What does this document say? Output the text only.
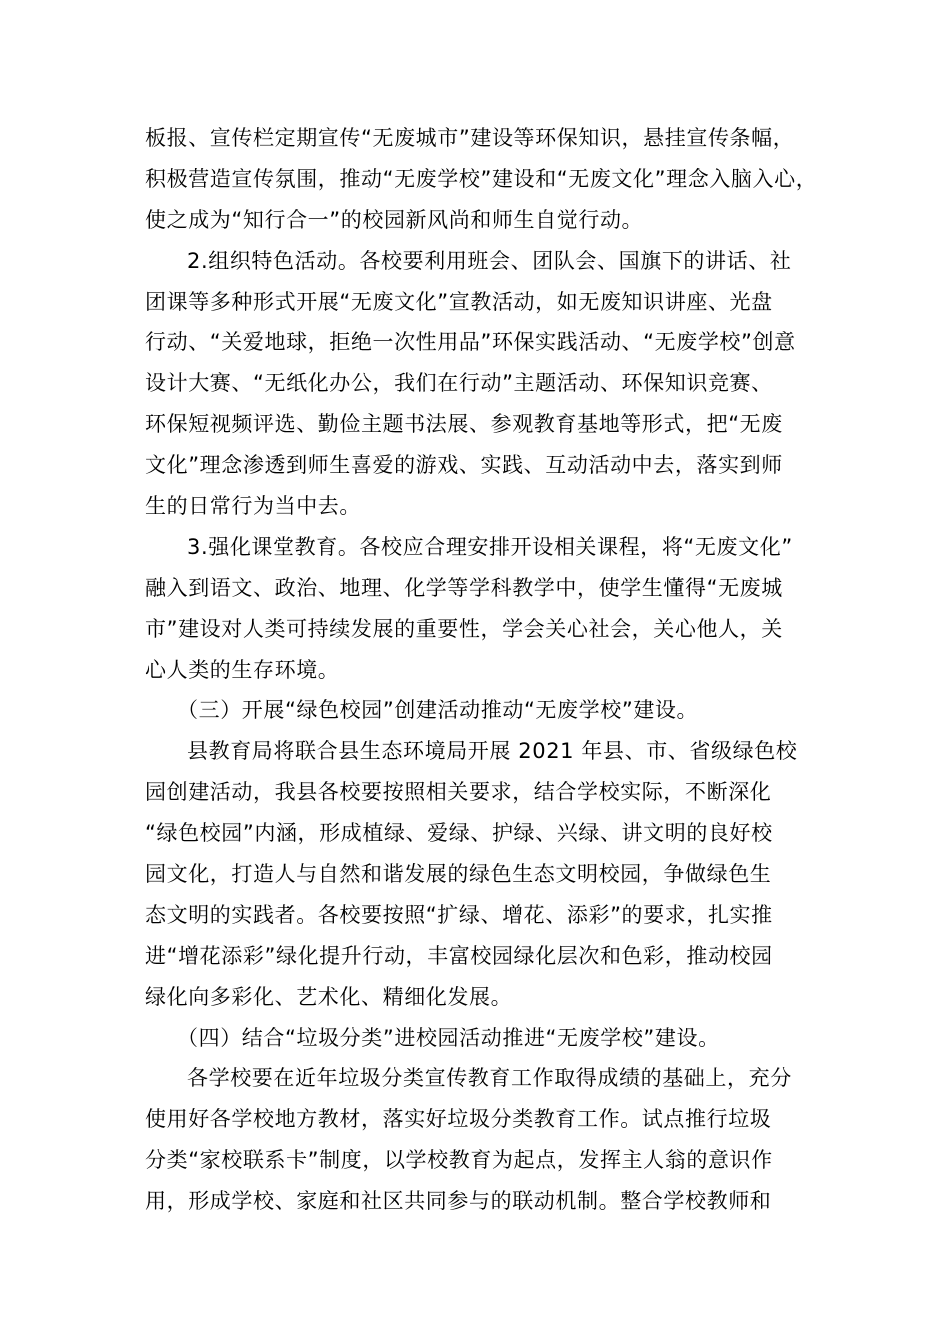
板报、宣传栏定期宣传“无废城市”建设等环保知识，悬挂宣传条幅，
积极营造宣传氛围，推动“无废学校”建设和“无废文化”理念入脑入心，
使之成为“知行合一”的校园新风尚和师生自觉行动。
2.组织特色活动。各校要利用班会、团队会、国旗下的讲话、社
团课等多种形式开展“无废文化”宣教活动，如无废知识讲座、光盘
行动、“关爱地球，拒绝一次性用品”环保实践活动、“无废学校”创意
设计大赛、“无纸化办公，我们在行动”主题活动、环保知识竞赛、
环保短视频评选、勤俭主题书法展、参观教育基地等形式，把“无废
文化”理念渗透到师生喜爱的游戏、实践、互动活动中去，落实到师
生的日常行为当中去。
3.强化课堂教育。各校应合理安排开设相关课程，将“无废文化”
融入到语文、政治、地理、化学等学科教学中，使学生懂得“无废城
市”建设对人类可持续发展的重要性，学会关心社会，关心他人，关
心人类的生存环境。
（三）开展“绿色校园”创建活动推动“无废学校”建设。
县教育局将联合县生态环境局开展 2021 年县、市、省级绿色校
园创建活动，我县各校要按照相关要求，结合学校实际，不断深化
“绿色校园”内涵，形成植绿、爱绿、护绿、兴绿、讲文明的良好校
园文化，打造人与自然和谐发展的绿色生态文明校园，争做绿色生
态文明的实践者。各校要按照“扩绿、增花、添彩”的要求，扎实推
进“增花添彩”绿化提升行动，丰富校园绿化层次和色彩，推动校园
绿化向多彩化、艺术化、精细化发展。
（四）结合“垃圾分类”进校园活动推进“无废学校”建设。
各学校要在近年垃圾分类宣传教育工作取得成绩的基础上，充分
使用好各学校地方教材，落实好垃圾分类教育工作。试点推行垃圾
分类“家校联系卡”制度，以学校教育为起点，发挥主人翁的意识作
用，形成学校、家庭和社区共同参与的联动机制。整合学校教师和
